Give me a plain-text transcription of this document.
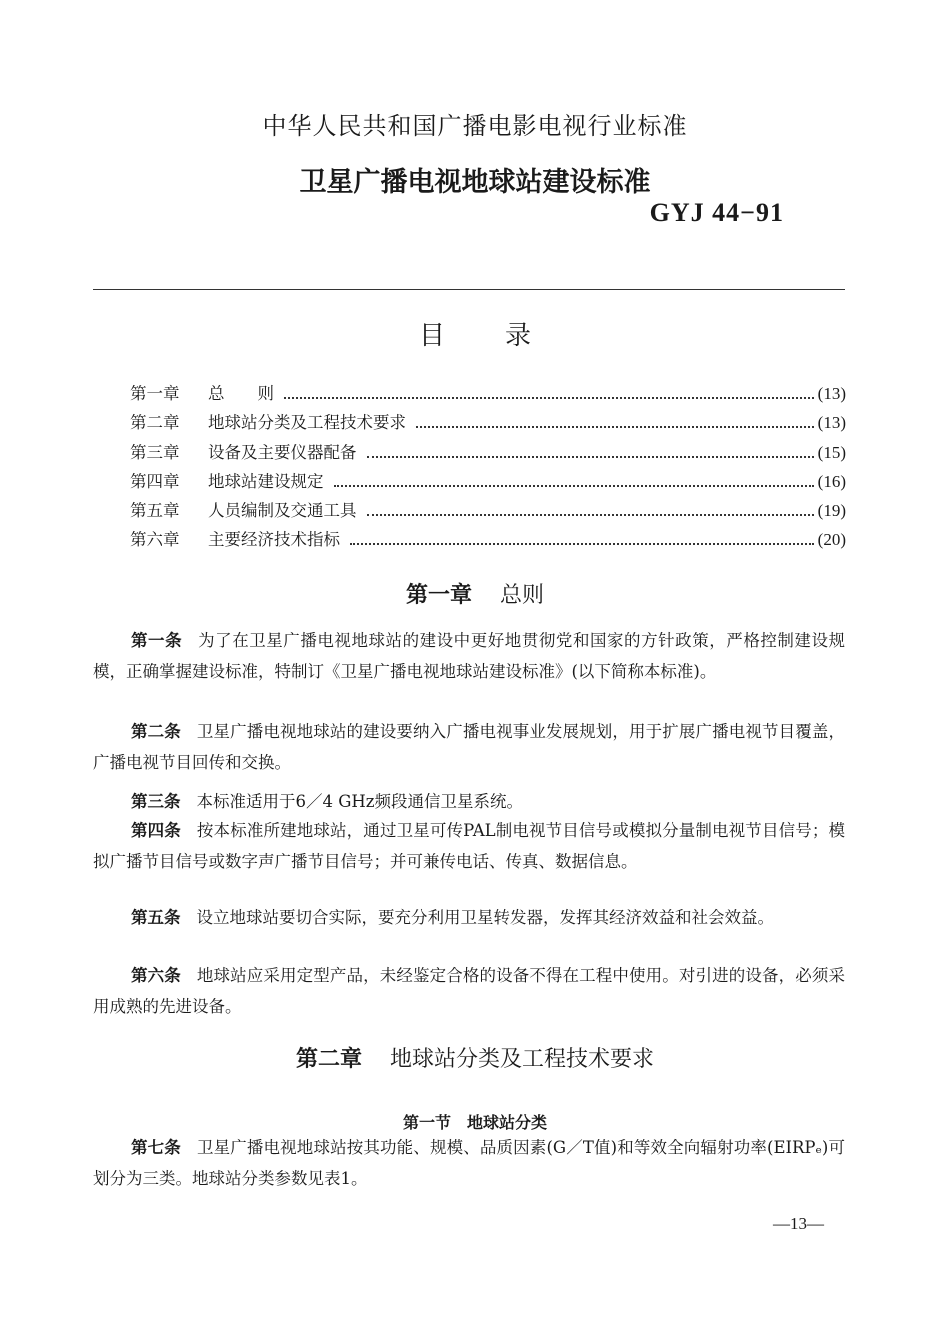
中华人民共和国广播电影电视行业标准
卫星广播电视地球站建设标准
GYJ 44−91
目录
第一章	总　　则	(13)
第二章	地球站分类及工程技术要求	(13)
第三章	设备及主要仪器配备	(15)
第四章	地球站建设规定	(16)
第五章	人员编制及交通工具	(19)
第六章	主要经济技术指标	(20)
第一章 总则

第一条 为了在卫星广播电视地球站的建设中更好地贯彻党和国家的方针政策，严格控制建设规模，正确掌握建设标准，特制订《卫星广播电视地球站建设标准》(以下简称本标准)。

第二条 卫星广播电视地球站的建设要纳入广播电视事业发展规划，用于扩展广播电视节目覆盖，广播电视节目回传和交换。

第三条 本标准适用于6／4 GHz频段通信卫星系统。

第四条 按本标准所建地球站，通过卫星可传PAL制电视节目信号或模拟分量制电视节目信号；模拟广播节目信号或数字声广播节目信号；并可兼传电话、传真、数据信息。

第五条 设立地球站要切合实际，要充分利用卫星转发器，发挥其经济效益和社会效益。

第六条 地球站应采用定型产品，未经鉴定合格的设备不得在工程中使用。对引进的设备，必须采用成熟的先进设备。

第二章 地球站分类及工程技术要求
第一节 地球站分类

第七条 卫星广播电视地球站按其功能、规模、品质因素(G／T值)和等效全向辐射功率(EIRPₑ)可划分为三类。地球站分类参数见表1。

—13—
